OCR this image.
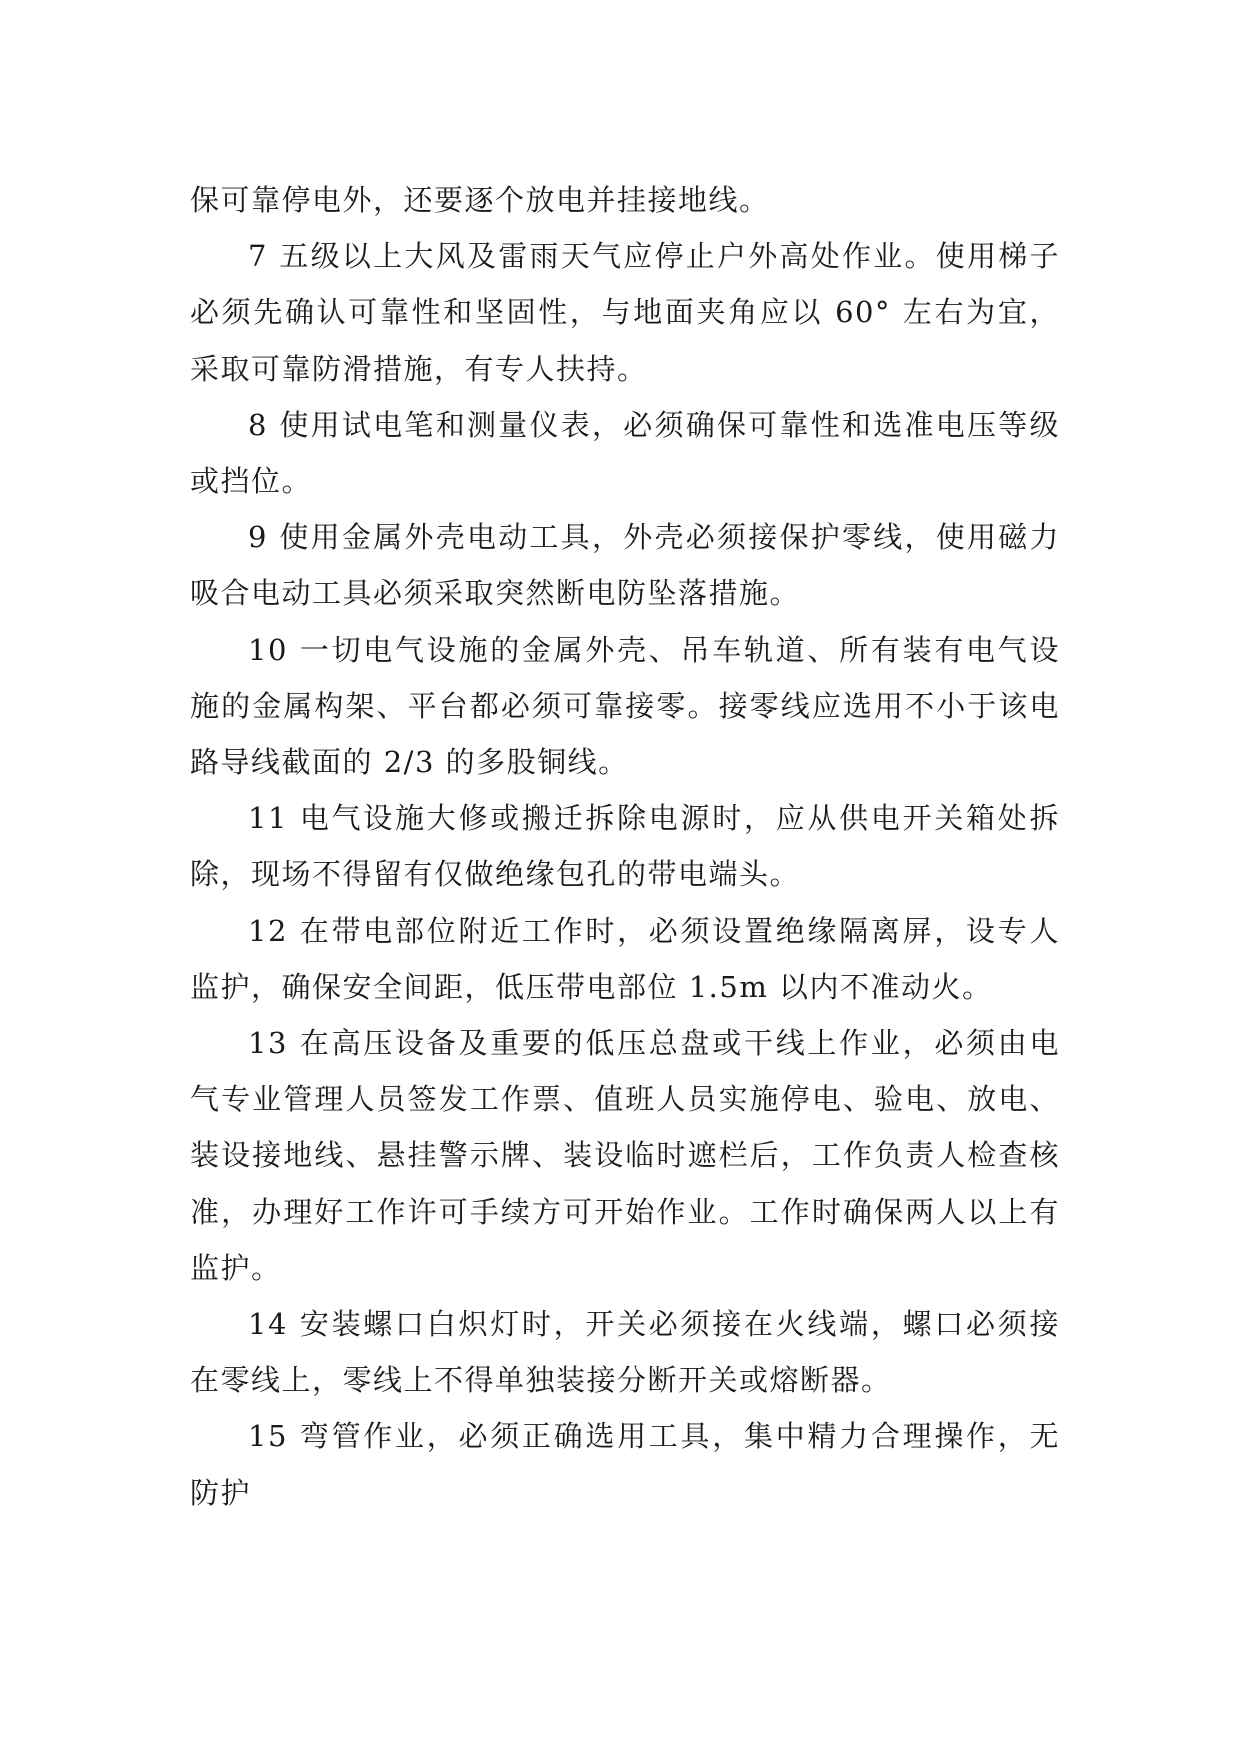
保可靠停电外，还要逐个放电并挂接地线。

7 五级以上大风及雷雨天气应停止户外高处作业。使用梯子必须先确认可靠性和坚固性，与地面夹角应以 60° 左右为宜，采取可靠防滑措施，有专人扶持。

8 使用试电笔和测量仪表，必须确保可靠性和选准电压等级或挡位。

9 使用金属外壳电动工具，外壳必须接保护零线，使用磁力吸合电动工具必须采取突然断电防坠落措施。

10 一切电气设施的金属外壳、吊车轨道、所有装有电气设施的金属构架、平台都必须可靠接零。接零线应选用不小于该电路导线截面的 2/3 的多股铜线。

11 电气设施大修或搬迁拆除电源时，应从供电开关箱处拆除，现场不得留有仅做绝缘包孔的带电端头。

12 在带电部位附近工作时，必须设置绝缘隔离屏，设专人监护，确保安全间距，低压带电部位 1.5m 以内不准动火。

13 在高压设备及重要的低压总盘或干线上作业，必须由电气专业管理人员签发工作票、值班人员实施停电、验电、放电、装设接地线、悬挂警示牌、装设临时遮栏后，工作负责人检查核准，办理好工作许可手续方可开始作业。工作时确保两人以上有监护。

14 安装螺口白炽灯时，开关必须接在火线端，螺口必须接在零线上，零线上不得单独装接分断开关或熔断器。

15 弯管作业，必须正确选用工具，集中精力合理操作，无防护
